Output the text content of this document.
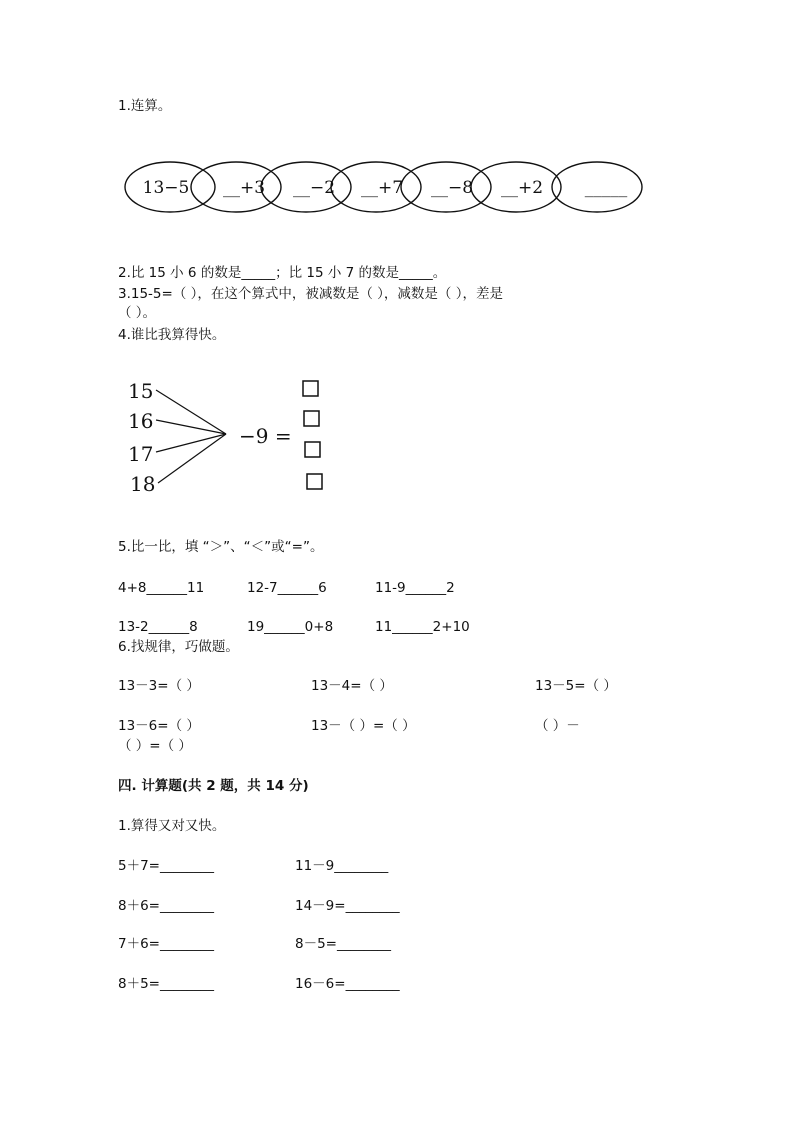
1.连算。
13−5 __+3 __−2 __+7 __−8 __+2 _____
2.比 15 小 6 的数是_____；比 15 小 7 的数是_____。
3.15-5=（ ），在这个算式中，被减数是（ ），减数是（ ），差是
（ ）。
4.谁比我算得快。
15
16
17
18
−9 =
5.比一比，填 “＞”、“＜”或“=”。
4+8______11	12-7______6	11-9______2
13-2______8	19______0+8	11______2+10
6.找规律，巧做题。
13－3=（ ）	13－4=（ ）	13－5=（ ）
13－6=（ ）	13－（ ）=（ ）	（ ）－
（ ）=（ ）
四. 计算题(共 2 题，共 14 分)
1.算得又对又快。
5＋7=________	11－9________
8＋6=________	14－9=________
7＋6=________	8－5=________
8＋5=________	16－6=________
